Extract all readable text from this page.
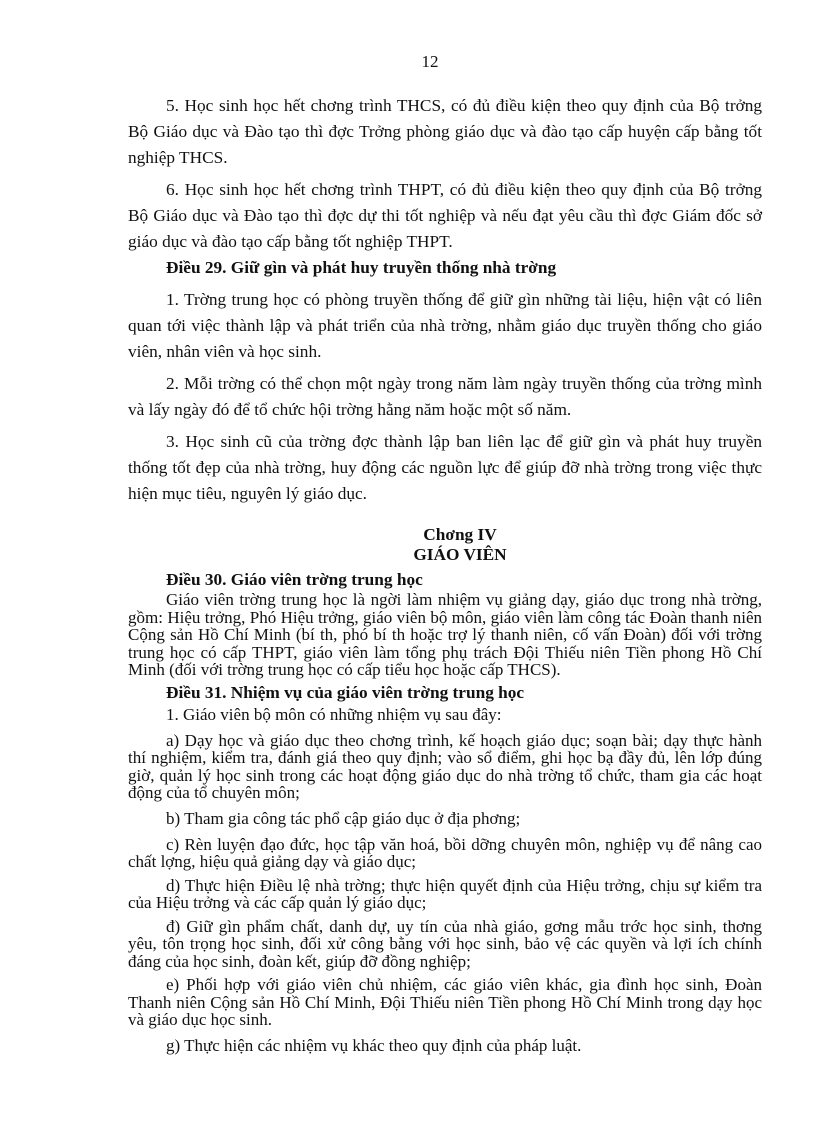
12

5. Học sinh học hết chơng trình THCS, có đủ điều kiện theo quy định của Bộ trởng Bộ Giáo dục và Đào tạo thì đợc Trởng phòng giáo dục và đào tạo cấp huyện cấp bằng tốt nghiệp THCS.

6. Học sinh học hết chơng trình THPT, có đủ điều kiện theo quy định của Bộ trởng Bộ Giáo dục và Đào tạo thì đợc dự thi tốt nghiệp và nếu đạt yêu cầu thì đợc Giám đốc sở giáo dục và đào tạo cấp bằng tốt nghiệp THPT.

Điều 29. Giữ gìn và phát huy truyền thống nhà trờng

1. Trờng trung học có phòng truyền thống để giữ gìn những tài liệu, hiện vật có liên quan tới việc thành lập và phát triển của nhà trờng, nhằm giáo dục truyền thống cho giáo viên, nhân viên và học sinh.

2. Mỗi trờng có thể chọn một ngày trong năm làm ngày truyền thống của trờng mình và lấy ngày đó để tổ chức hội trờng hằng năm hoặc một số năm.

3. Học sinh cũ của trờng đợc thành lập ban liên lạc để giữ gìn và phát huy truyền thống tốt đẹp của nhà trờng, huy động các nguồn lực để giúp đỡ nhà trờng trong việc thực hiện mục tiêu, nguyên lý giáo dục.

Chơng IV
GIÁO VIÊN
Điều 30. Giáo viên trờng trung học

Giáo viên trờng trung học là ngời làm nhiệm vụ giảng dạy, giáo dục trong nhà trờng, gồm: Hiệu trởng, Phó Hiệu trởng, giáo viên bộ môn, giáo viên làm công tác Đoàn thanh niên Cộng sản Hồ Chí Minh (bí th, phó bí th hoặc trợ lý thanh niên, cố vấn Đoàn) đối với trờng trung học có cấp THPT, giáo viên làm tổng phụ trách Đội Thiếu niên Tiền phong Hồ Chí Minh (đối với trờng trung học có cấp tiểu học hoặc cấp THCS).

Điều 31. Nhiệm vụ của giáo viên trờng trung học

1. Giáo viên bộ môn có những nhiệm vụ sau đây:

a) Dạy học và giáo dục theo chơng trình, kế hoạch giáo dục; soạn bài; dạy thực hành thí nghiệm, kiểm tra, đánh giá theo quy định; vào sổ điểm, ghi học bạ đầy đủ, lên lớp đúng giờ, quản lý học sinh trong các hoạt động giáo dục do nhà trờng tổ chức, tham gia các hoạt động của tổ chuyên môn;

b) Tham gia công tác phổ cập giáo dục ở địa phơng;

c) Rèn luyện đạo đức, học tập văn hoá, bồi dỡng chuyên môn, nghiệp vụ để nâng cao chất lợng, hiệu quả giảng dạy và giáo dục;

d) Thực hiện Điều lệ nhà trờng; thực hiện quyết định của Hiệu trởng, chịu sự kiểm tra của Hiệu trởng và các cấp quản lý giáo dục;

đ) Giữ gìn phẩm chất, danh dự, uy tín của nhà giáo, gơng mẫu trớc học sinh, thơng yêu, tôn trọng học sinh, đối xử công bằng với học sinh, bảo vệ các quyền và lợi ích chính đáng của học sinh, đoàn kết, giúp đỡ đồng nghiệp;

e) Phối hợp với giáo viên chủ nhiệm, các giáo viên khác, gia đình học sinh, Đoàn Thanh niên Cộng sản Hồ Chí Minh, Đội Thiếu niên Tiền phong Hồ Chí Minh trong dạy học và giáo dục học sinh.

g) Thực hiện các nhiệm vụ khác theo quy định của pháp luật.
